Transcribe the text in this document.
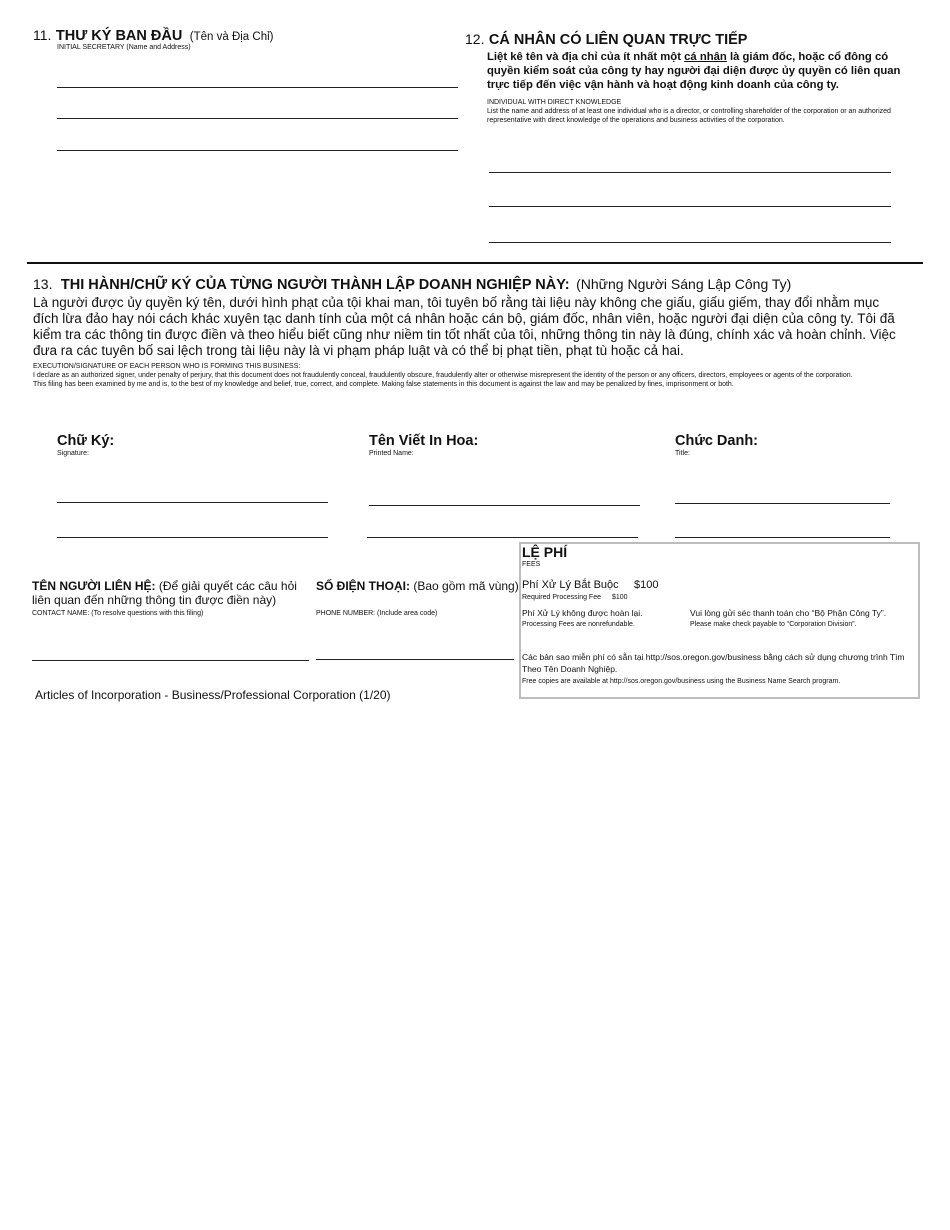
11. THƯ KÝ BAN ĐẦU (Tên và Địa Chỉ)
INITIAL SECRETARY (Name and Address)
12. CÁ NHÂN CÓ LIÊN QUAN TRỰC TIẾP
Liệt kê tên và địa chỉ của ít nhất một cá nhân là giám đốc, hoặc cổ đông có quyền kiểm soát của công ty hay người đại diện được ủy quyền có liên quan trực tiếp đến việc vận hành và hoạt động kinh doanh của công ty.
INDIVIDUAL WITH DIRECT KNOWLEDGE
List the name and address of at least one individual who is a director, or controlling shareholder of the corporation or an authorized representative with direct knowledge of the operations and business activities of the corporation.
13. THI HÀNH/CHỮ KÝ CỦA TỪNG NGƯỜI THÀNH LẬP DOANH NGHIỆP NÀY: (Những Người Sáng Lập Công Ty)
Là người được ủy quyền ký tên, dưới hình phạt của tội khai man, tôi tuyên bố rằng tài liệu này không che giấu, giấu giếm, thay đổi nhằm mục đích lừa đảo hay nói cách khác xuyên tạc danh tính của một cá nhân hoặc cán bộ, giám đốc, nhân viên, hoặc người đại diện của công ty. Tôi đã kiểm tra các thông tin được điền và theo hiểu biết cũng như niềm tin tốt nhất của tôi, những thông tin này là đúng, chính xác và hoàn chỉnh. Việc đưa ra các tuyên bố sai lệch trong tài liệu này là vi phạm pháp luật và có thể bị phạt tiền, phạt tù hoặc cả hai.
EXECUTION/SIGNATURE OF EACH PERSON WHO IS FORMING THIS BUSINESS:
I declare as an authorized signer, under penalty of perjury, that this document does not fraudulently conceal, fraudulently obscure, fraudulently alter or otherwise misrepresent the identity of the person or any officers, directors, employees or agents of the corporation.
This filing has been examined by me and is, to the best of my knowledge and belief, true, correct, and complete. Making false statements in this document is against the law and may be penalized by fines, imprisonment or both.
Chữ Ký:
Signature:
Tên Viết In Hoa:
Printed Name:
Chức Danh:
Title:
TÊN NGƯỜI LIÊN HỆ: (Để giải quyết các câu hỏi liên quan đến những thông tin được điền này)
CONTACT NAME: (To resolve questions with this filing)
SỐ ĐIỆN THOẠI: (Bao gồm mã vùng)
PHONE NUMBER: (Include area code)
LỆ PHÍ
FEES
Phí Xử Lý Bắt Buộc $100
Required Processing Fee $100
Phí Xử Lý không được hoàn lại.
Processing Fees are nonrefundable.
Vui lòng gửi séc thanh toán cho “Bộ Phận Công Ty”.
Please make check payable to “Corporation Division”.
Các bản sao miễn phí có sẵn tại http://sos.oregon.gov/business bằng cách sử dụng chương trình Tìm Theo Tên Doanh Nghiệp.
Free copies are available at http://sos.oregon.gov/business using the Business Name Search program.
Articles of Incorporation - Business/Professional Corporation (1/20)
